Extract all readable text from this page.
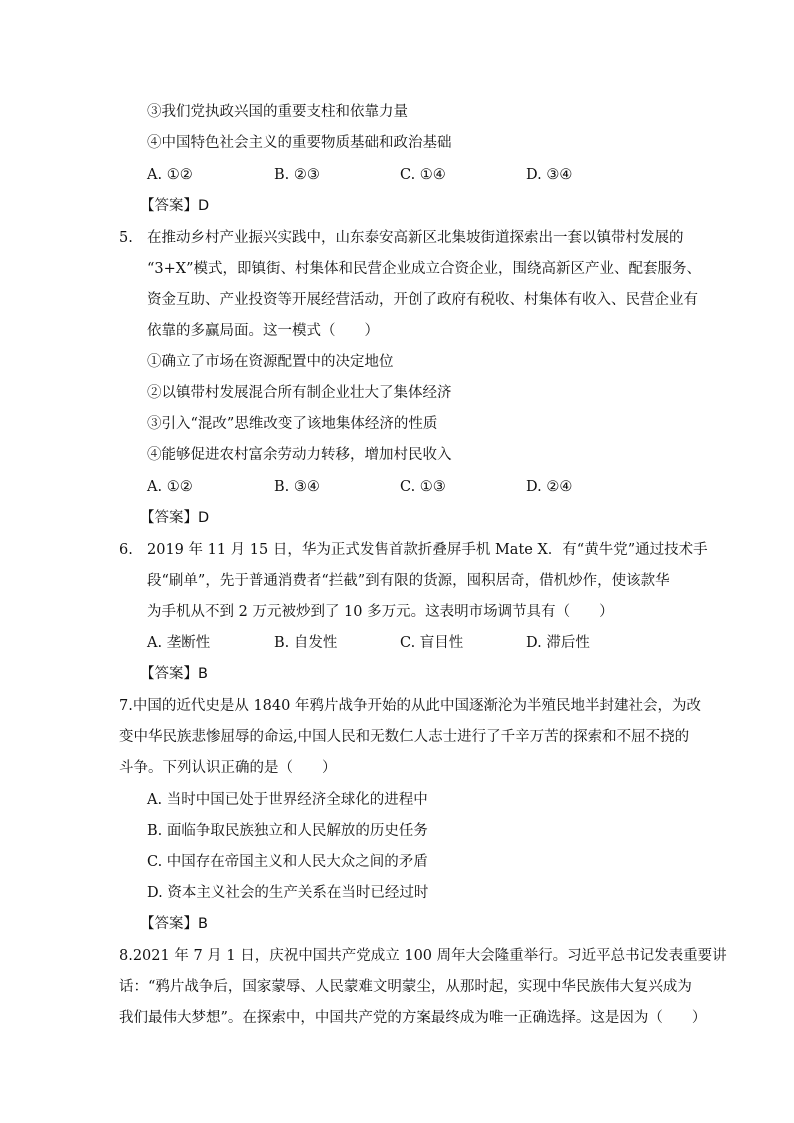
③我们党执政兴国的重要支柱和依靠力量
④中国特色社会主义的重要物质基础和政治基础
A. ①②	B. ②③	C. ①④	D. ③④
【答案】D
5. 在推动乡村产业振兴实践中，山东泰安高新区北集坡街道探索出一套以镇带村发展的
“3+X”模式，即镇街、村集体和民营企业成立合资企业，围绕高新区产业、配套服务、
资金互助、产业投资等开展经营活动，开创了政府有税收、村集体有收入、民营企业有
依靠的多赢局面。这一模式（　　）
①确立了市场在资源配置中的决定地位
②以镇带村发展混合所有制企业壮大了集体经济
③引入“混改”思维改变了该地集体经济的性质
④能够促进农村富余劳动力转移，增加村民收入
A. ①②	B. ③④	C. ①③	D. ②④
【答案】D
6. 2019 年 11 月 15 日，华为正式发售首款折叠屏手机 Mate X．有“黄牛党”通过技术手
段“刷单”，先于普通消费者“拦截”到有限的货源，囤积居奇，借机炒作，使该款华
为手机从不到 2 万元被炒到了 10 多万元。这表明市场调节具有（　　）
A. 垄断性	B. 自发性	C. 盲目性	D. 滞后性
【答案】B
7.中国的近代史是从 1840 年鸦片战争开始的从此中国逐渐沦为半殖民地半封建社会，为改
变中华民族悲惨屈辱的命运,中国人民和无数仁人志士进行了千辛万苦的探索和不屈不挠的
斗争。下列认识正确的是（　　）
A. 当时中国已处于世界经济全球化的进程中
B. 面临争取民族独立和人民解放的历史任务
C. 中国存在帝国主义和人民大众之间的矛盾
D. 资本主义社会的生产关系在当时已经过时
【答案】B
8.2021 年 7 月 1 日，庆祝中国共产党成立 100 周年大会隆重举行。习近平总书记发表重要讲
话：“鸦片战争后，国家蒙辱、人民蒙难文明蒙尘，从那时起，实现中华民族伟大复兴成为
我们最伟大梦想”。在探索中，中国共产党的方案最终成为唯一正确选择。这是因为（　　）
